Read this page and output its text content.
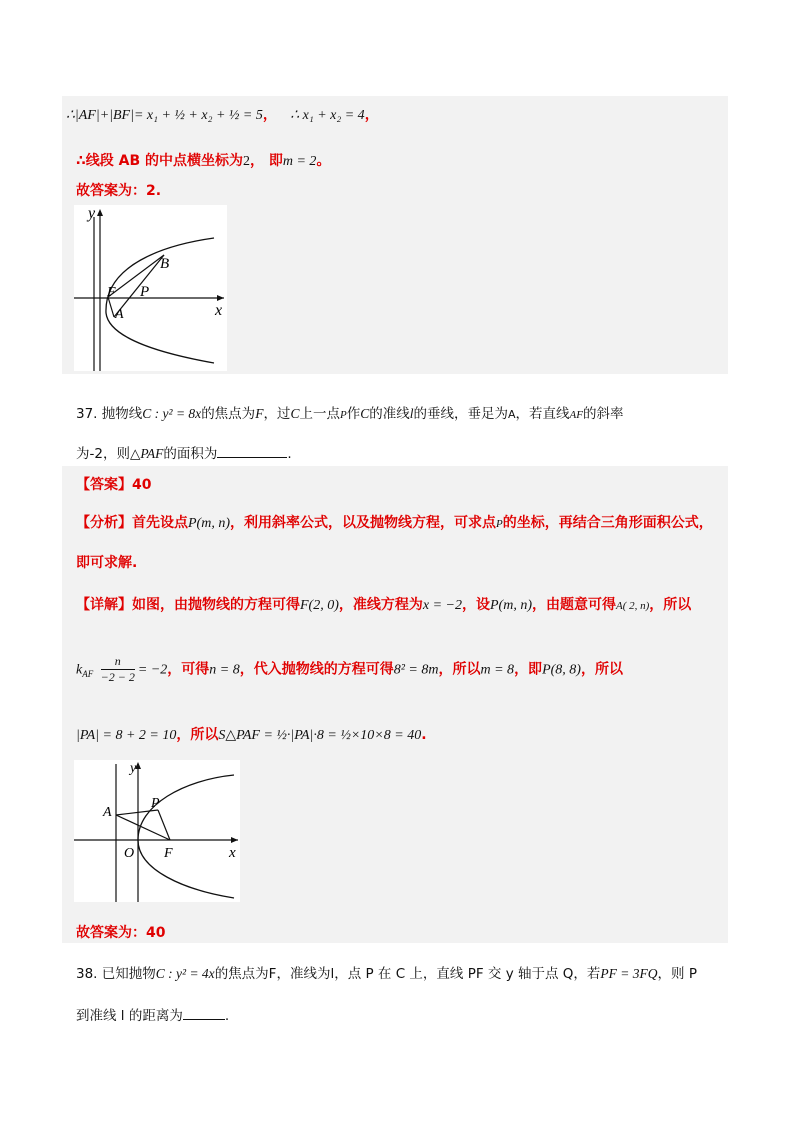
∴|AF|+|BF|= x₁ + ½ + x₂ + ½ = 5， ∴ x₁ + x₂ = 4，
∴线段 AB 的中点横坐标为2， 即m = 2。
故答案为：2.
y
x
B
P
F
A
37. 抛物线C : y² = 8x的焦点为F，过C上一点P作C的准线l的垂线，垂足为A，若直线AF的斜率
为-2，则△PAF的面积为	.
【答案】40
【分析】首先设点P(m, n)，利用斜率公式，以及抛物线方程，可求点P的坐标，再结合三角形面积公式，
即可求解.
【详解】如图，由抛物线的方程可得F(2, 0)，准线方程为x = −2，设P(m, n)，由题意可得A( 2, n)，所以
$k_{AF} \frac{n}{-2 - 2} = -2$，可得n = 8，代入抛物线的方程可得8² = 8m，所以m = 8，即P(8, 8)，所以
|PA| = 8 + 2 = 10，所以S△PAF = ½·|PA|·8 = ½×10×8 = 40.
y
x
A
P
O F
故答案为：40
38. 已知抛物C : y² = 4x的焦点为F，准线为l，点 P 在 C 上，直线 PF 交 y 轴于点 Q，若PF = 3FQ，则 P
到准线 l 的距离为	.
